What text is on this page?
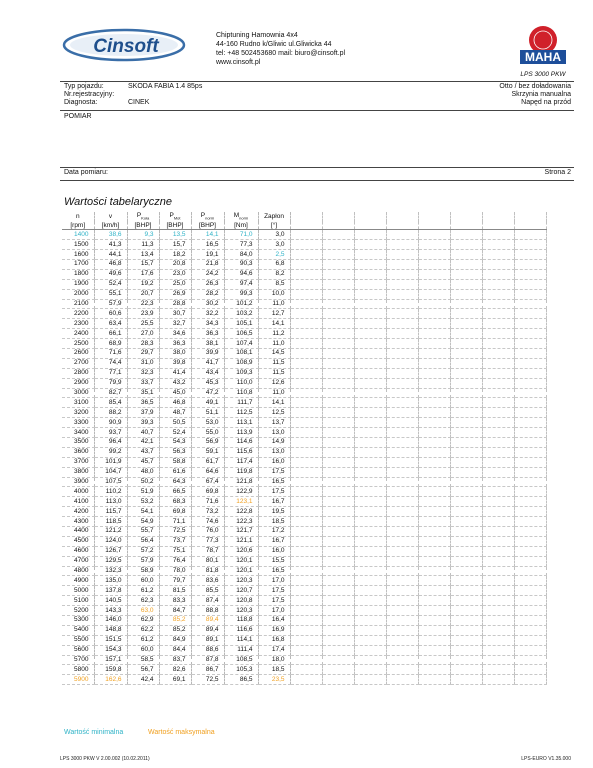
Cinsoft
Chiptuning Hamownia 4x4
44-160 Rudno k/Gliwic ul.Gliwicka 44
tel: +48 502453680 mail: biuro@cinsoft.pl
www.cinsoft.pl	MAHA
LPS 3000 PKW
Typ pojazdu:	SKODA FABIA 1.4 85ps
Nr.rejestracyjny:
Diagnosta:	CINEK
Otto / bez doładowania
Skrzynia manualna
Napęd na przód
POMIAR
Data pomiaru:	Strona 2
Wartości tabelaryczne
n	v	$P_{Koła}$	$P_{Mot}$	$P_{norm}$	$M_{norm}$	Zapłon								
[rpm]	[km/h]	[BHP]	[BHP]	[BHP]	[Nm]	[°]								
1400	38,6	9,3	13,5	14,1	71,0	3,0								
1500	41,3	11,3	15,7	16,5	77,3	3,0								
1600	44,1	13,4	18,2	19,1	84,0	2,5								
1700	46,8	15,7	20,8	21,8	90,3	6,8								
1800	49,6	17,6	23,0	24,2	94,6	8,2								
1900	52,4	19,2	25,0	26,3	97,4	8,5								
2000	55,1	20,7	26,9	28,2	99,3	10,0								
2100	57,9	22,3	28,8	30,2	101,2	11,0								
2200	60,6	23,9	30,7	32,2	103,2	12,7								
2300	63,4	25,5	32,7	34,3	105,1	14,1								
2400	66,1	27,0	34,6	36,3	106,5	11,2								
2500	68,9	28,3	36,3	38,1	107,4	11,0								
2600	71,6	29,7	38,0	39,9	108,1	14,5								
2700	74,4	31,0	39,8	41,7	108,9	11,5								
2800	77,1	32,3	41,4	43,4	109,3	11,5								
2900	79,9	33,7	43,2	45,3	110,0	12,6								
3000	82,7	35,1	45,0	47,2	110,8	11,0								
3100	85,4	36,5	46,8	49,1	111,7	14,1								
3200	88,2	37,9	48,7	51,1	112,5	12,5								
3300	90,9	39,3	50,5	53,0	113,1	13,7								
3400	93,7	40,7	52,4	55,0	113,9	13,0								
3500	96,4	42,1	54,3	56,9	114,6	14,9								
3600	99,2	43,7	56,3	59,1	115,6	13,0								
3700	101,9	45,7	58,8	61,7	117,4	16,0								
3800	104,7	48,0	61,6	64,6	119,8	17,5								
3900	107,5	50,2	64,3	67,4	121,8	16,5								
4000	110,2	51,9	66,5	69,8	122,9	17,5								
4100	113,0	53,2	68,3	71,6	123,1	16,7								
4200	115,7	54,1	69,8	73,2	122,8	19,5								
4300	118,5	54,9	71,1	74,6	122,3	18,5								
4400	121,2	55,7	72,5	76,0	121,7	17,2								
4500	124,0	56,4	73,7	77,3	121,1	16,7								
4600	126,7	57,2	75,1	78,7	120,6	16,0								
4700	129,5	57,9	76,4	80,1	120,1	15,5								
4800	132,3	58,9	78,0	81,8	120,1	16,5								
4900	135,0	60,0	79,7	83,6	120,3	17,0								
5000	137,8	61,2	81,5	85,5	120,7	17,5								
5100	140,5	62,3	83,3	87,4	120,8	17,5								
5200	143,3	63,0	84,7	88,8	120,3	17,0								
5300	146,0	62,9	85,2	89,4	118,8	16,4								
5400	148,8	62,2	85,2	89,4	116,6	16,9								
5500	151,5	61,2	84,9	89,1	114,1	16,8								
5600	154,3	60,0	84,4	88,6	111,4	17,4								
5700	157,1	58,5	83,7	87,8	108,5	18,0								
5800	159,8	56,7	82,6	86,7	105,3	18,5								
5900	162,6	42,4	69,1	72,5	86,5	23,5								
Wartość minimalna	Wartość maksymalna
LPS 3000 PKW V 2.00.002 (10.02.2011)	LPS-EURO V1.35.000
